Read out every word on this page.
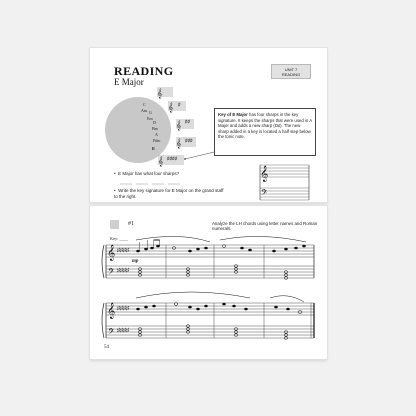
READING
E Major
UNIT 7
READING
C
Am G
Em
D
Bm
A
F♯m
E
𝄞
𝄞 ♯
𝄞 ♯♯
𝄞 ♯♯♯
𝄞 ♯♯♯♯
𝄞
𝄢
Key of E Major has four sharps in the key signature. It keeps the sharps that were used in A Major and adds a new sharp (D♯). The new sharp added in a key is located a half step below the tonic note.
•  E Major has what four sharps?
•  Write the key signature for E Major on the grand staff to the right.
#1	Analyze the LH chords using letter names and Roman numerals.
Key: ____
mp
54
𝄞
𝄢
♯♯♯♯
♯♯♯♯
𝄞
𝄢
♯♯♯♯
♯♯♯♯
